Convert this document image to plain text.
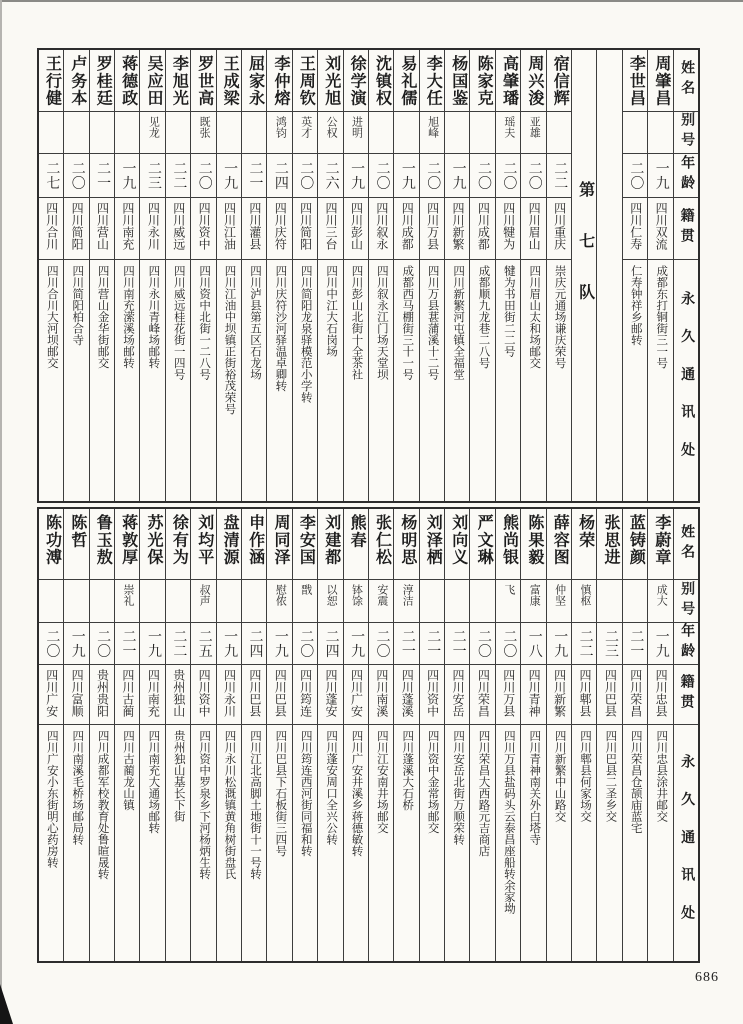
姓名
别号
年龄
籍贯
永久通讯处
周肇昌
一九
四川双流
成都东打铜街三一号
李世昌
二〇
四川仁寿
仁寿钟祥乡邮转
第七队
宿信辉
二二
四川重庆
崇庆元通场谦庆荣号
周兴浚
亚雄
二〇
四川眉山
四川眉山太和场邮交
高肇璠
瑶夫
二〇
四川犍为
犍为书田街二二号
陈家克
二〇
四川成都
成都顺九龙巷二八号
杨国鉴
一九
四川新繁
四川新繁河屯镇全福堂
李大任
旭峰
二〇
四川万县
四川万县葚蒲溪十二号
易礼儒
一九
四川成都
成都西马棚街三十一号
沈镇权
二〇
四川叙永
四川叙永江门场天堂坝
徐学演
进明
一九
四川彭山
四川彭山北街十全茶社
刘光旭
公权
二六
四川三台
四川中江大石岗场
王周钦
英才
二〇
四川简阳
四川简阳龙泉驿模范小学转
李仲熔
鸿钧
二四
四川庆符
四川庆符沙河驿温卓卿转
屈家永
二一
四川灌县
四川泸县第五区石龙场
王成梁
一九
四川江油
四川江油中坝镇正街裕茂荣号
罗世高
既张
二〇
四川资中
四川资中北街一二八号
李旭光
二二
四川威远
四川威远桂花街一四号
吴应田
见龙
二三
四川永川
四川永川青峰场邮转
蒋德政
一九
四川南充
四川南充潆溪场邮转
罗桂廷
二一
四川营山
四川营山金华街邮交
卢务本
二〇
四川简阳
四川简阳柏合寺
王行健
二七
四川合川
四川合川大河坝邮交
姓名
别号
年龄
籍贯
永久通讯处
李蔚章
成大
一九
四川忠县
四川忠县涂井邮交
蓝铸颜
二一
四川荣昌
四川荣昌仓颉庙蓝宅
张思进
二三
四川巴县
四川巴县二圣乡交
杨荣
慎枢
二二
四川郫县
四川郫县何家场交
薛容图
仲坚
一九
四川新繁
四川新繁中山路交
陈果毅
富康
一八
四川青神
四川青神南关外白塔寺
熊尚银
飞
二〇
四川万县
四川万县盐码头云泰昌座船转余家坳
严文琳
二〇
四川荣昌
四川荣昌大西路元吉商店
刘向义
二一
四川安岳
四川安岳北街万顺荣转
刘泽栖
二一
四川资中
四川资中金常场邮交
杨明思
淳洁
二一
四川蓬溪
四川蓬溪大石桥
张仁松
安震
二〇
四川南溪
四川江安南井场邮交
熊春
钵馀
一九
四川广安
四川广安井溪乡蒋德敏转
刘建都
以恕
二四
四川蓬安
四川蓬安周口全兴公转
李安国
戬
二〇
四川筠连
四川筠连西河街同福和转
周同泽
慰侬
一九
四川巴县
四川巴县下石板街三四号
申作涵
二四
四川巴县
四川江北高脚土地街十一号转
盘清源
一九
四川永川
四川永川松溉镇黄角树街盘氏
刘均平
叔声
二五
四川资中
四川资中罗泉乡下河杨炳生转
徐有为
二二
贵州独山
贵州独山基长下街
苏光保
一九
四川南充
四川南充大通场邮转
蒋敦厚
崇礼
二一
四川古蔺
四川古蔺龙山镇
鲁玉敖
二〇
贵州贵阳
四川成都军校教育处鲁暄晟转
陈哲
一九
四川富顺
四川南溪毛桥场邮局转
陈功溥
二〇
四川广安
四川广安小东街明心药房转
686
